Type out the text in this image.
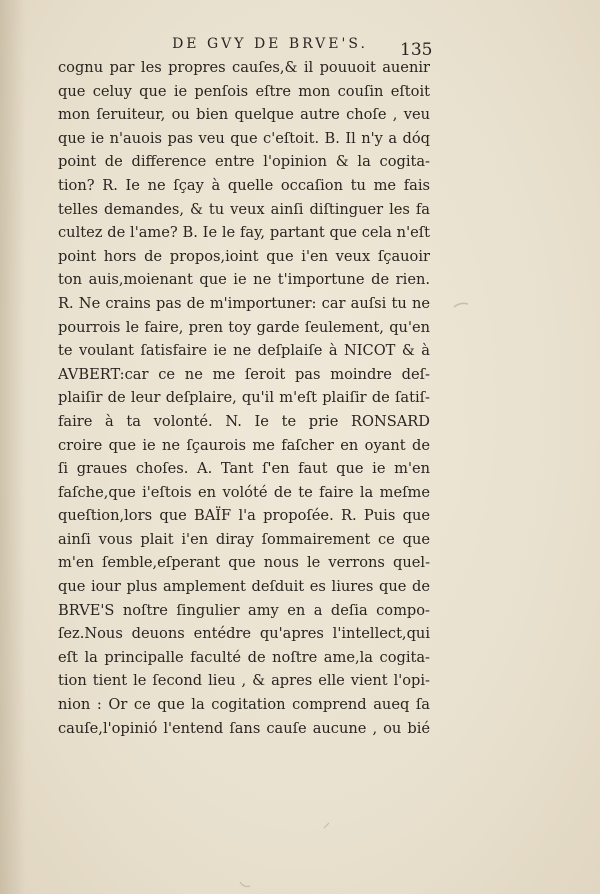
DE GVY DE BRVE'S.	135
cognu par les propres cauſes,& il pouuoit auenir
que celuy que ie penſois eſtre mon couſin eſtoit
mon ſeruiteur, ou bien quelque autre choſe , veu
que ie n'auois pas veu que c'eſtoit. B. Il n'y a dóq
point de difference entre l'opinion & la cogita-
tion? R. Ie ne ſçay à quelle occaſion tu me fais
telles demandes, & tu veux ainſi diſtinguer les fa
cultez de l'ame? B. Ie le fay, partant que cela n'eſt
point hors de propos,ioint que i'en veux ſçauoir
ton auis,moienant que ie ne t'importune de rien.
R. Ne crains pas de m'importuner: car auſsi tu ne
pourrois le faire, pren toy garde ſeulement, qu'en
te voulant ſatisfaire ie ne deſplaiſe à NICOT & à
AVBERT:car ce ne me ſeroit pas moindre deſ-
plaiſir de leur deſplaire, qu'il m'eſt plaiſir de ſatiſ-
faire à ta volonté. N. Ie te prie RONSARD
croire que ie ne ſçaurois me faſcher en oyant de
ſi graues choſes. A. Tant ſ'en faut que ie m'en
faſche,que i'eſtois en volóté de te faire la meſme
queſtion,lors que BAÏF l'a propoſée. R. Puis que
ainſi vous plait i'en diray ſommairement ce que
m'en ſemble,eſperant que nous le verrons quel-
que iour plus amplement deſduit es liures que de
BRVE'S noſtre ſingulier amy en a deſia compo-
ſez.Nous deuons entédre qu'apres l'intellect,qui
eſt la principalle faculté de noſtre ame,la cogita-
tion tient le ſecond lieu , & apres elle vient l'opi-
nion : Or ce que la cogitation comprend aueq ſa
cauſe,l'opinió l'entend ſans cauſe aucune , ou bié
